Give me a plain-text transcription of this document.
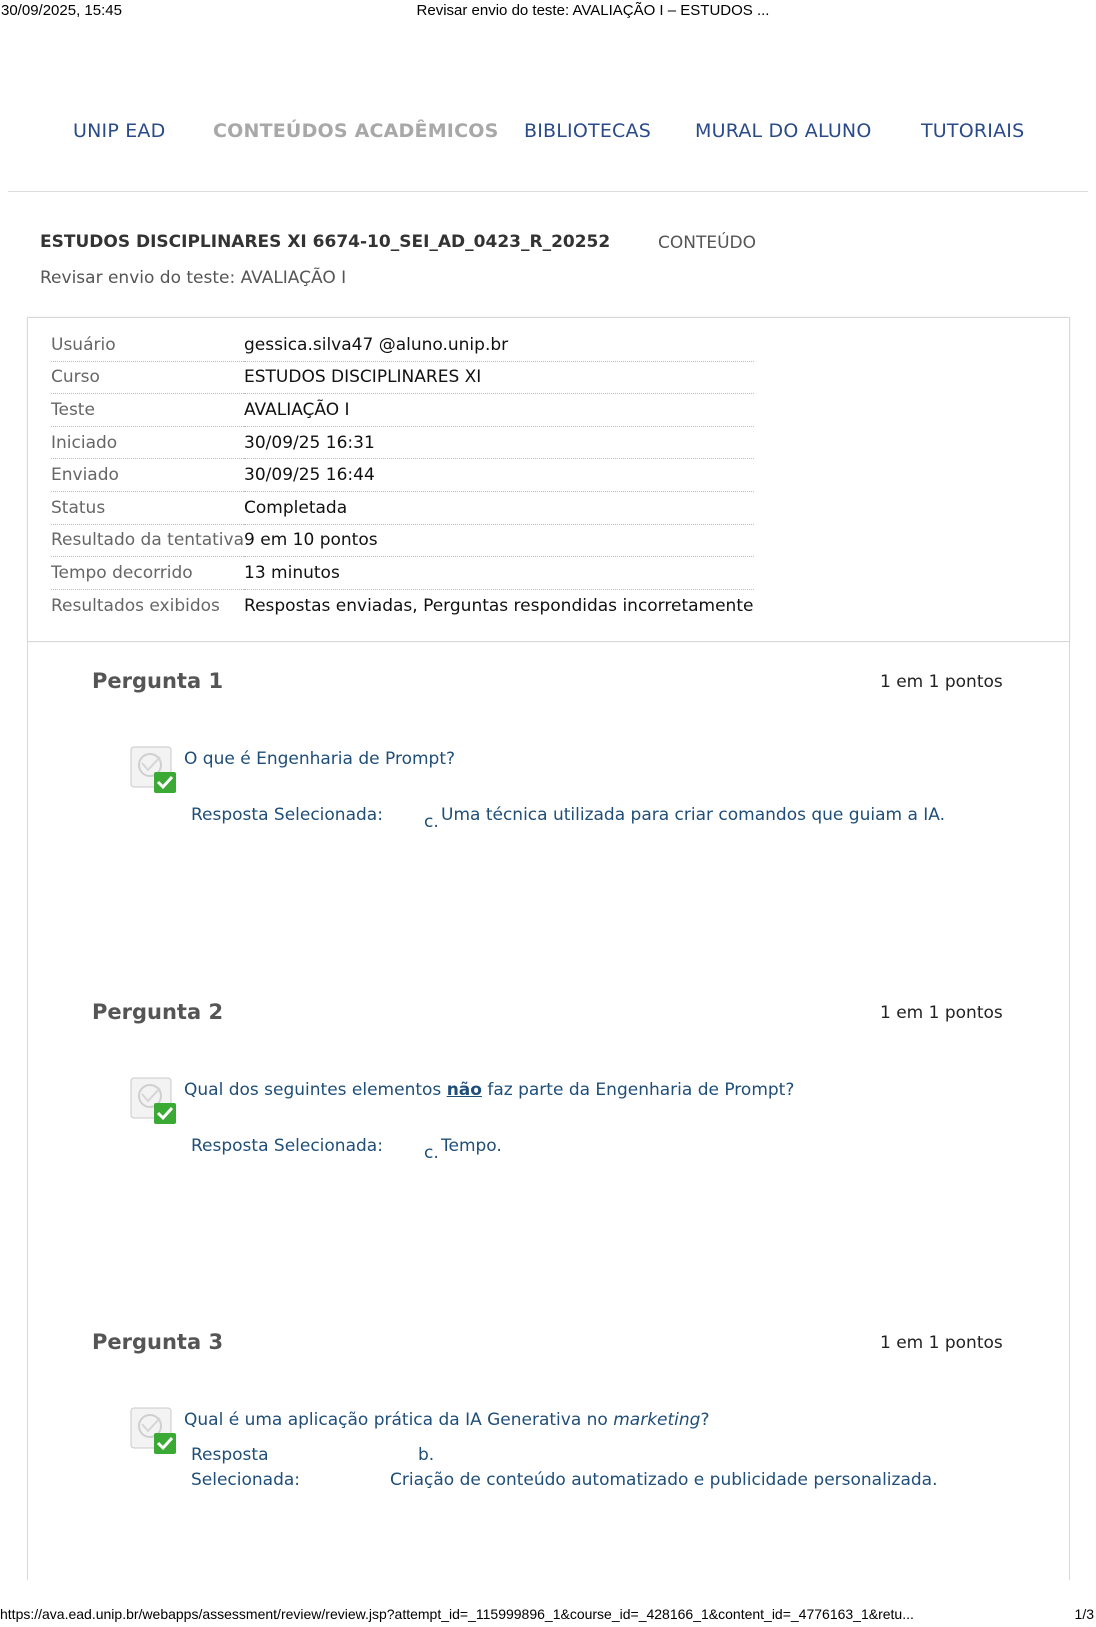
30/09/2025, 15:45	Revisar envio do teste: AVALIAÇÃO I – ESTUDOS ...
UNIP EAD	CONTEÚDOS ACADÊMICOS BIBLIOTECAS MURAL DO ALUNO	TUTORIAIS
ESTUDOS DISCIPLINARES XI 6674-10_SEI_AD_0423_R_20252	CONTEÚDO
Revisar envio do teste: AVALIAÇÃO I
Usuário	gessica.silva47 @aluno.unip.br
Curso	ESTUDOS DISCIPLINARES XI
Teste	AVALIAÇÃO I
Iniciado	30/09/25 16:31
Enviado	30/09/25 16:44
Status	Completada
Resultado da tentativa	9 em 10 pontos
Tempo decorrido	13 minutos
Resultados exibidos	Respostas enviadas, Perguntas respondidas incorretamente
Pergunta 1	1 em 1 pontos
O que é Engenharia de Prompt?
Resposta Selecionada: c. Uma técnica utilizada para criar comandos que guiam a IA.
Pergunta 2	1 em 1 pontos
Qual dos seguintes elementos não faz parte da Engenharia de Prompt?
Resposta Selecionada: c. Tempo.
Pergunta 3	1 em 1 pontos
Qual é uma aplicação prática da IA Generativa no marketing?
Resposta
Selecionada:
b.
Criação de conteúdo automatizado e publicidade personalizada.
https://ava.ead.unip.br/webapps/assessment/review/review.jsp?attempt_id=_115999896_1&course_id=_428166_1&content_id=_4776163_1&retu...	1/3
